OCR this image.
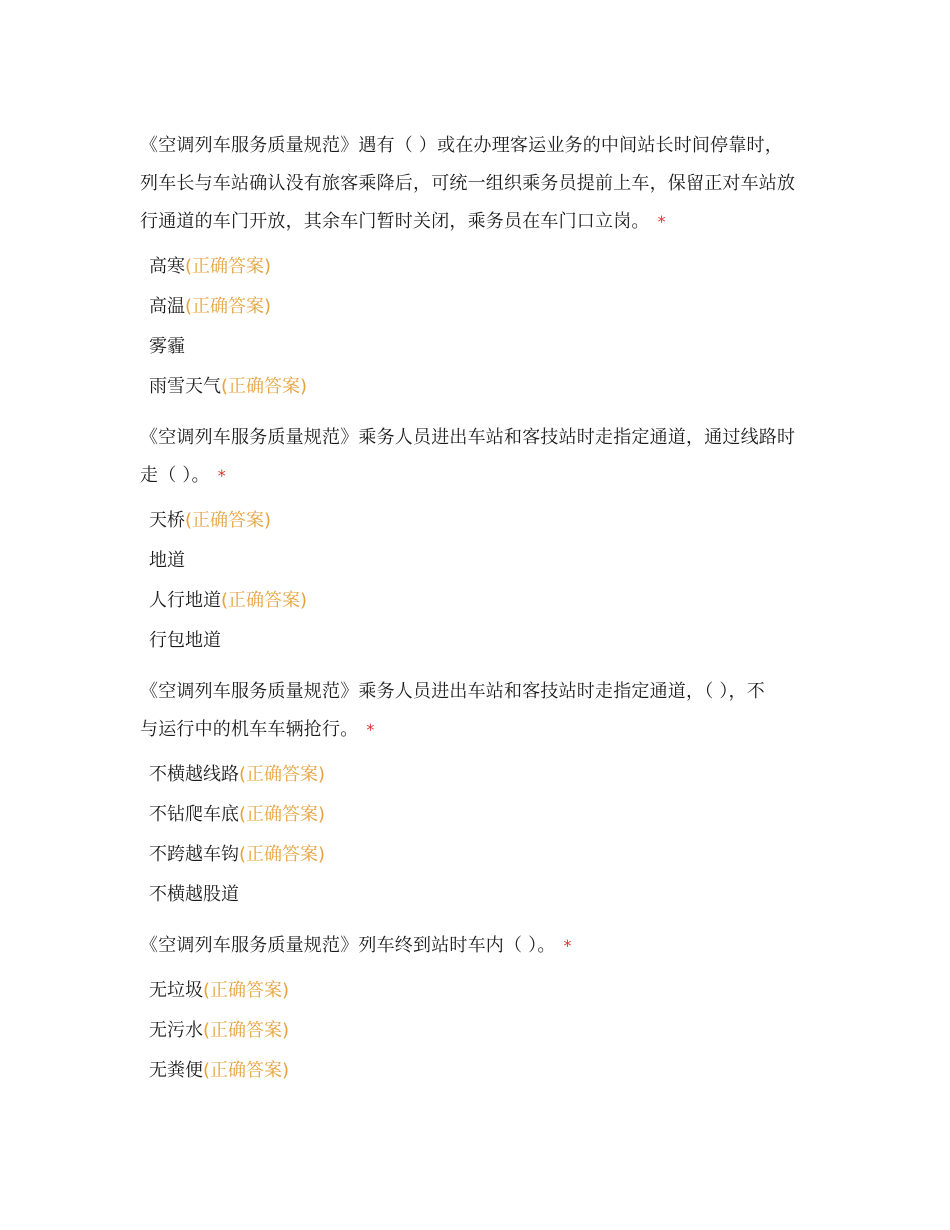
《空调列车服务质量规范》遇有（ ）或在办理客运业务的中间站长时间停靠时，
列车长与车站确认没有旅客乘降后，可统一组织乘务员提前上车，保留正对车站放
行通道的车门开放，其余车门暂时关闭，乘务员在车门口立岗。 *

高寒(正确答案)
高温(正确答案)
雾霾
雨雪天气(正确答案)

《空调列车服务质量规范》乘务人员进出车站和客技站时走指定通道，通过线路时
走（ ）。 *

天桥(正确答案)
地道
人行地道(正确答案)
行包地道

《空调列车服务质量规范》乘务人员进出车站和客技站时走指定通道，（ ），不
与运行中的机车车辆抢行。 *

不横越线路(正确答案)
不钻爬车底(正确答案)
不跨越车钩(正确答案)
不横越股道

《空调列车服务质量规范》列车终到站时车内（ ）。 *

无垃圾(正确答案)
无污水(正确答案)
无粪便(正确答案)
